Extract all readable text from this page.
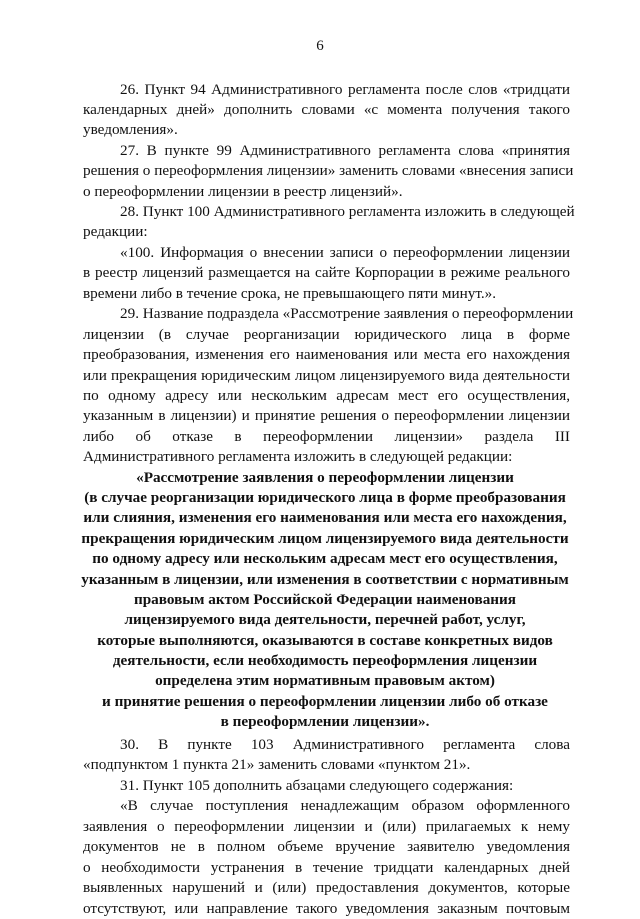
6
26. Пункт 94 Административного регламента после слов «тридцати
календарных дней» дополнить словами «с момента получения такого
уведомления».
27. В пункте 99 Административного регламента слова «принятия
решения о переоформления лицензии» заменить словами «внесения записи
о переоформлении лицензии в реестр лицензий».
28. Пункт 100 Административного регламента изложить в следующей
редакции:
«100. Информация о внесении записи о переоформлении лицензии
в реестр лицензий размещается на сайте Корпорации в режиме реального
времени либо в течение срока, не превышающего пяти минут.».
29. Название подраздела «Рассмотрение заявления о переоформлении
лицензии (в случае реорганизации юридического лица в форме
преобразования, изменения его наименования или места его нахождения
или прекращения юридическим лицом лицензируемого вида деятельности
по одному адресу или нескольким адресам мест его осуществления,
указанным в лицензии) и принятие решения о переоформлении лицензии
либо об отказе в переоформлении лицензии» раздела III
Административного регламента изложить в следующей редакции:
«Рассмотрение заявления о переоформлении лицензии
(в случае реорганизации юридического лица в форме преобразования
или слияния, изменения его наименования или места его нахождения,
прекращения юридическим лицом лицензируемого вида деятельности
по одному адресу или нескольким адресам мест его осуществления,
указанным в лицензии, или изменения в соответствии с нормативным
правовым актом Российской Федерации наименования
лицензируемого вида деятельности, перечней работ, услуг,
которые выполняются, оказываются в составе конкретных видов
деятельности, если необходимость переоформления лицензии
определена этим нормативным правовым актом)
и принятие решения о переоформлении лицензии либо об отказе
в переоформлении лицензии».
30. В пункте 103 Административного регламента слова
«подпунктом 1 пункта 21» заменить словами «пунктом 21».
31. Пункт 105 дополнить абзацами следующего содержания:
«В случае поступления ненадлежащим образом оформленного
заявления о переоформлении лицензии и (или) прилагаемых к нему
документов не в полном объеме вручение заявителю уведомления
о необходимости устранения в течение тридцати календарных дней
выявленных нарушений и (или) предоставления документов, которые
отсутствуют, или направление такого уведомления заказным почтовым
